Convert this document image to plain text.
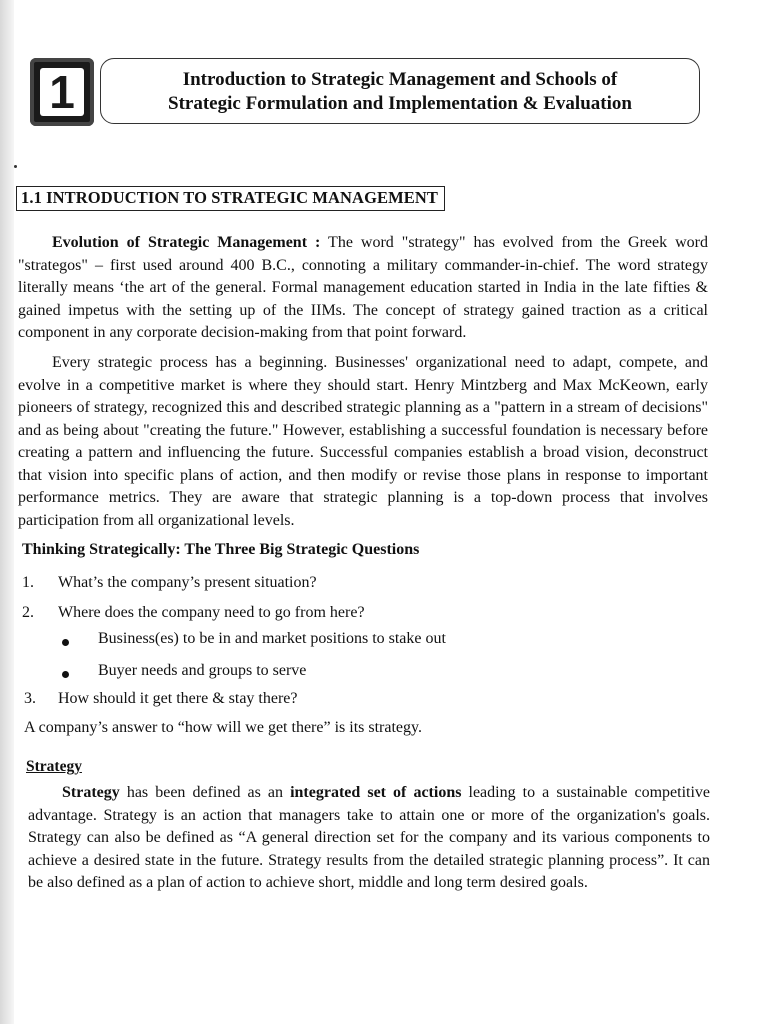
1	Introduction to Strategic Management and Schools of
Strategic Formulation and Implementation & Evaluation
1.1 INTRODUCTION TO STRATEGIC MANAGEMENT
Evolution of Strategic Management : The word "strategy" has evolved from the Greek word "strategos" – first used around 400 B.C., connoting a military commander-in-chief. The word strategy literally means ‘the art of the general. Formal management education started in India in the late fifties & gained impetus with the setting up of the IIMs. The concept of strategy gained traction as a critical component in any corporate decision-making from that point forward.
Every strategic process has a beginning. Businesses' organizational need to adapt, compete, and evolve in a competitive market is where they should start. Henry Mintzberg and Max McKeown, early pioneers of strategy, recognized this and described strategic planning as a "pattern in a stream of decisions" and as being about "creating the future." However, establishing a successful foundation is necessary before creating a pattern and influencing the future. Successful companies establish a broad vision, deconstruct that vision into specific plans of action, and then modify or revise those plans in response to important performance metrics. They are aware that strategic planning is a top-down process that involves participation from all organizational levels.
Thinking Strategically: The Three Big Strategic Questions
1. What’s the company’s present situation?
2. Where does the company need to go from here?
Business(es) to be in and market positions to stake out
Buyer needs and groups to serve
3. How should it get there & stay there?
A company’s answer to “how will we get there” is its strategy.
Strategy
Strategy has been defined as an integrated set of actions leading to a sustainable competitive advantage. Strategy is an action that managers take to attain one or more of the organization's goals. Strategy can also be defined as “A general direction set for the company and its various components to achieve a desired state in the future. Strategy results from the detailed strategic planning process”. It can be also defined as a plan of action to achieve short, middle and long term desired goals.
